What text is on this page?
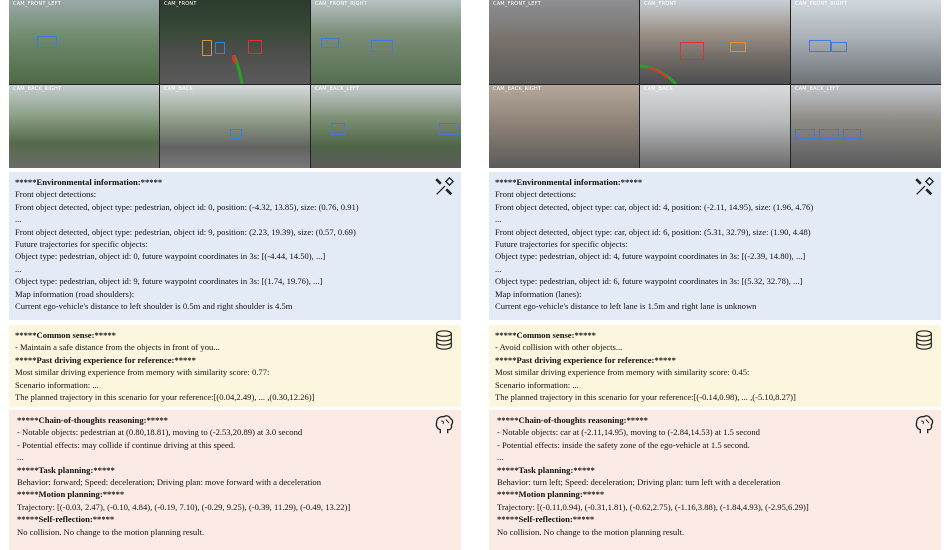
CAM_FRONT_LEFT	CAM_FRONT	CAM_FRONT_RIGHT
CAM_BACK_RIGHT	CAM_BACK	CAM_BACK_LEFT
*****Environmental information:*****
Front object detections:
Front object detected, object type: pedestrian, object id: 0, position: (-4.32, 13.85), size: (0.76, 0.91)
...
Front object detected, object type: pedestrian, object id: 9, position: (2.23, 19.39), size: (0.57, 0.69)
Future trajectories for specific objects:
Object type: pedestrian, object id: 0, future waypoint coordinates in 3s: [(-4.44, 14.50), ...]
...
Object type: pedestrian, object id: 9, future waypoint coordinates in 3s: [(1.74, 19.76), ...]
Map information (road shoulders):
Current ego-vehicle's distance to left shoulder is 0.5m and right shoulder is 4.5m
*****Common sense:*****
- Maintain a safe distance from the objects in front of you...
*****Past driving experience for reference:*****
Most similar driving experience from memory with similarity score: 0.77:
Scenario information: ...
The planned trajectory in this scenario for your reference:[(0.04,2.49), ... ,(0.30,12.26)]
*****Chain-of-thoughts reasoning:*****
- Notable objects: pedestrian at (0.80,18.81), moving to (-2.53,20.89) at 3.0 second
- Potential effects: may collide if continue driving at this speed.
...
*****Task planning:*****
Behavior: forward; Speed: deceleration; Driving plan: move forward with a deceleration
*****Motion planning:*****
Trajectory: [(-0.03, 2.47), (-0.10, 4.84), (-0.19, 7.10), (-0.29, 9.25), (-0.39, 11.29), (-0.49, 13.22)]
*****Self-reflection:*****
No collision. No change to the motion planning result.
CAM_FRONT_LEFT	CAM_FRONT	CAM_FRONT_RIGHT
CAM_BACK_RIGHT	CAM_BACK	CAM_BACK_LEFT
*****Environmental information:*****
Front object detections:
Front object detected, object type: car, object id: 4, position: (-2.11, 14.95), size: (1.96, 4.76)
...
Front object detected, object type: car, object id: 6, position: (5.31, 32.79), size: (1.90, 4.48)
Future trajectories for specific objects:
Object type: pedestrian, object id: 4, future waypoint coordinates in 3s: [(-2.39, 14.80), ...]
...
Object type: pedestrian, object id: 6, future waypoint coordinates in 3s: [(5.32, 32.78), ...]
Map information (lanes):
Current ego-vehicle's distance to left lane is 1.5m and right lane is unknown
*****Common sense:*****
- Avoid collision with other objects...
*****Past driving experience for reference:*****
Most similar driving experience from memory with similarity score: 0.45:
Scenario information: ...
The planned trajectory in this scenario for your reference:[(-0.14,0.98), ... ,(-5.10,8.27)]
*****Chain-of-thoughts reasoning:*****
- Notable objects: car at (-2.11,14.95), moving to (-2.84,14.53) at 1.5 second
- Potential effects: inside the safety zone of the ego-vehicle at 1.5 second.
...
*****Task planning:*****
Behavior: turn left; Speed: deceleration; Driving plan: turn left with a deceleration
*****Motion planning:*****
Trajectory: [(-0.11,0.94), (-0.31,1.81), (-0.62,2.75), (-1.16,3.88), (-1.84,4.93), (-2.95,6.29)]
*****Self-reflection:*****
No collision. No change to the motion planning result.
